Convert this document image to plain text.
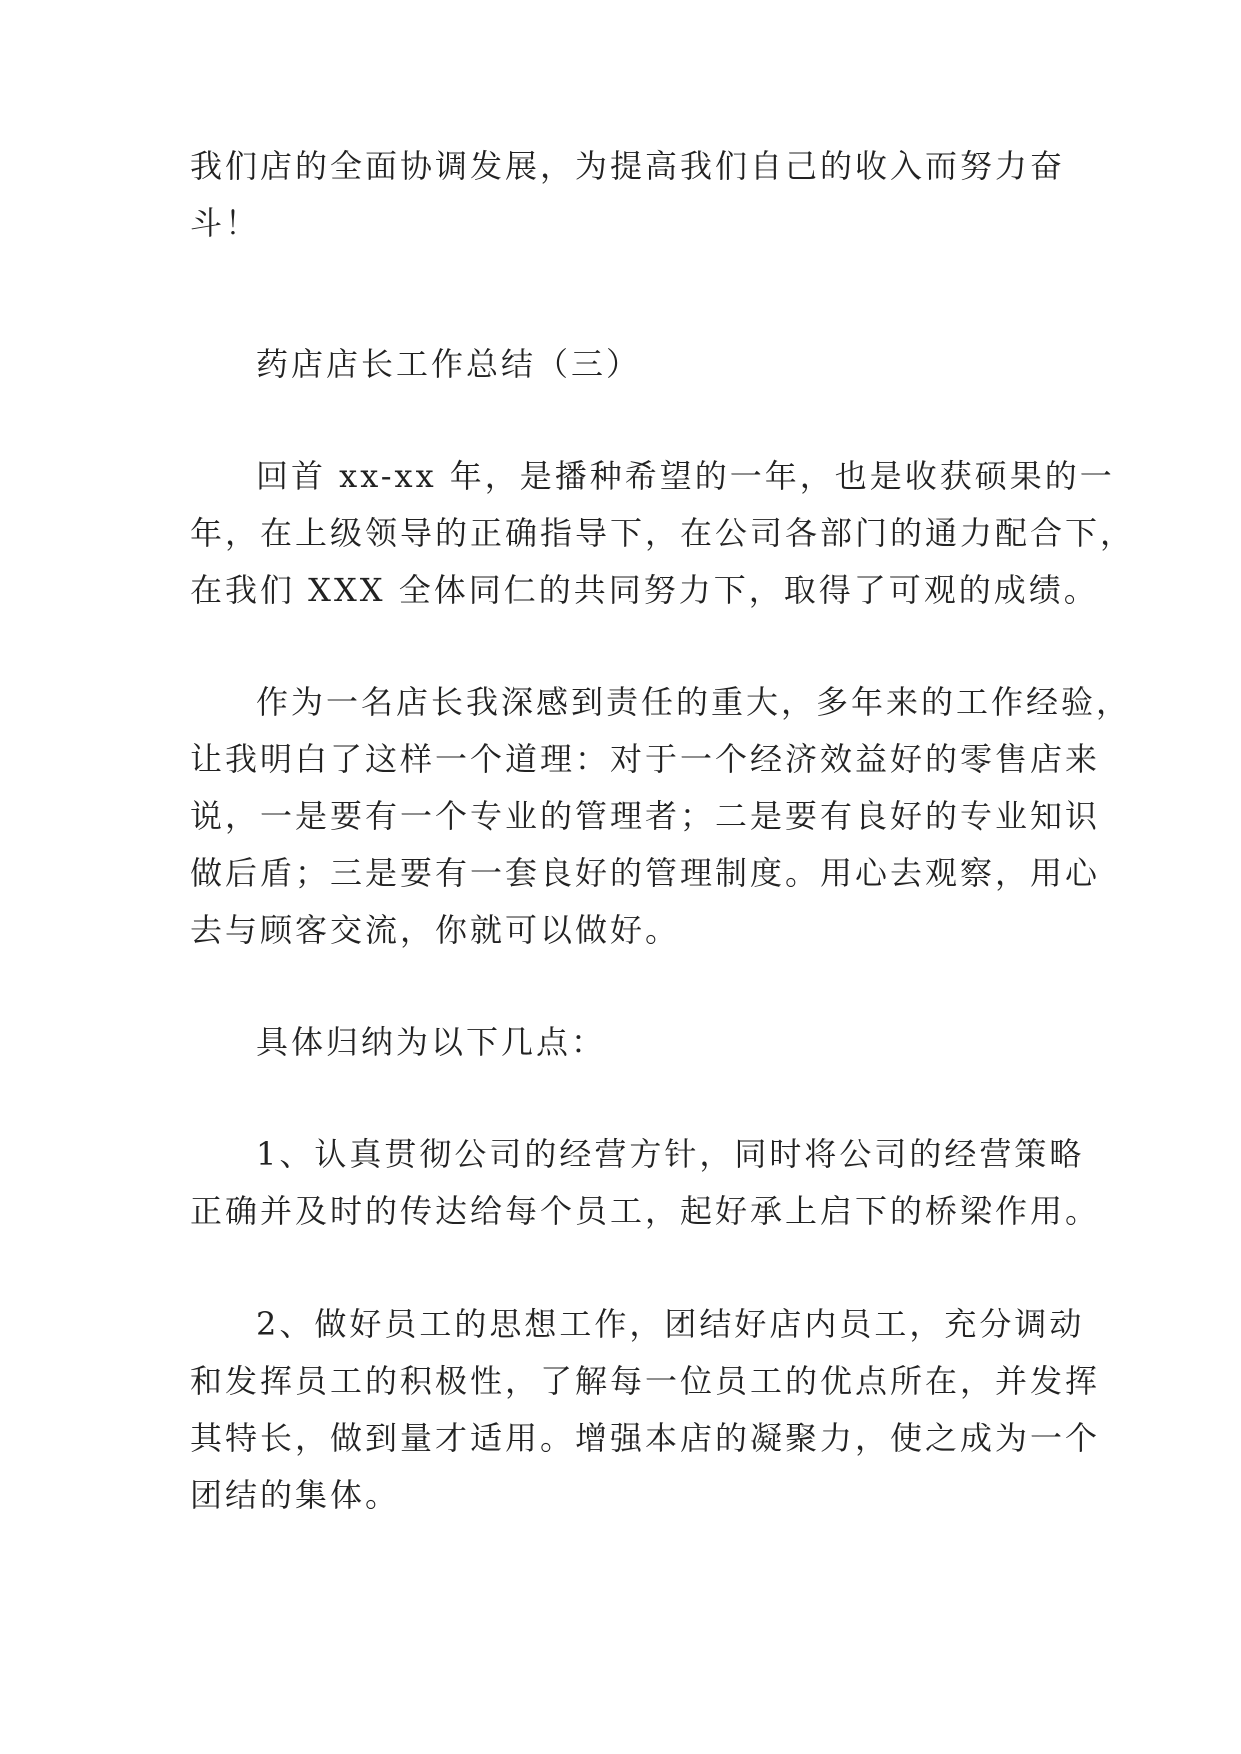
我们店的全面协调发展，为提高我们自己的收入而努力奋
斗！

药店店长工作总结（三）

回首 xx-xx 年，是播种希望的一年，也是收获硕果的一
年，在上级领导的正确指导下，在公司各部门的通力配合下，
在我们 XXX 全体同仁的共同努力下，取得了可观的成绩。

作为一名店长我深感到责任的重大，多年来的工作经验，
让我明白了这样一个道理：对于一个经济效益好的零售店来
说，一是要有一个专业的管理者；二是要有良好的专业知识
做后盾；三是要有一套良好的管理制度。用心去观察，用心
去与顾客交流，你就可以做好。

具体归纳为以下几点：

1、认真贯彻公司的经营方针，同时将公司的经营策略
正确并及时的传达给每个员工，起好承上启下的桥梁作用。

2、做好员工的思想工作，团结好店内员工，充分调动
和发挥员工的积极性，了解每一位员工的优点所在，并发挥
其特长，做到量才适用。增强本店的凝聚力，使之成为一个
团结的集体。
